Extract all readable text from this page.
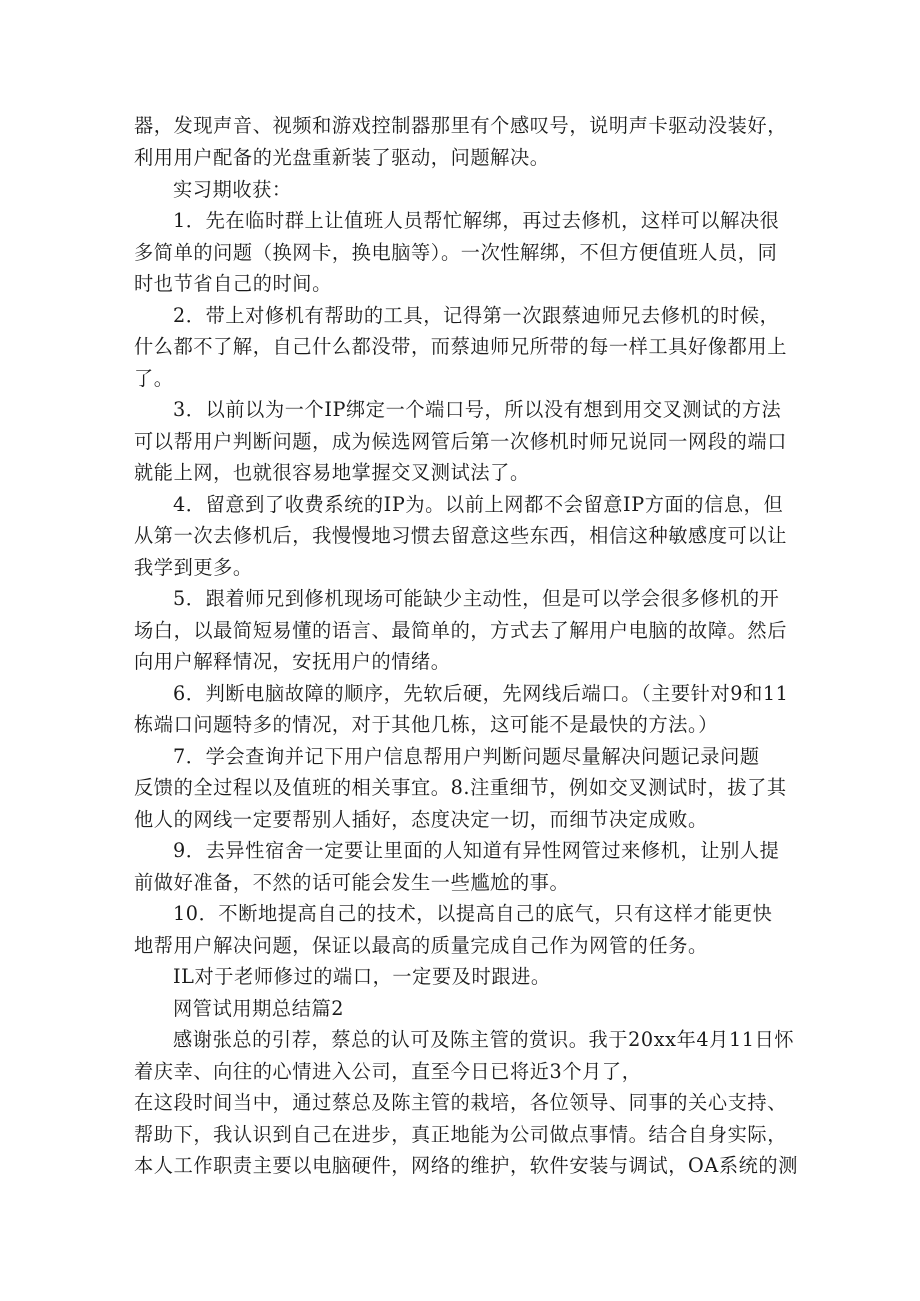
器，发现声音、视频和游戏控制器那里有个感叹号，说明声卡驱动没装好，
利用用户配备的光盘重新装了驱动，问题解决。
实习期收获：
1．先在临时群上让值班人员帮忙解绑，再过去修机，这样可以解决很
多简单的问题（换网卡，换电脑等）。一次性解绑，不但方便值班人员，同
时也节省自己的时间。
2．带上对修机有帮助的工具，记得第一次跟蔡迪师兄去修机的时候，
什么都不了解，自己什么都没带，而蔡迪师兄所带的每一样工具好像都用上
了。
3．以前以为一个IP绑定一个端口号，所以没有想到用交叉测试的方法
可以帮用户判断问题，成为候选网管后第一次修机时师兄说同一网段的端口
就能上网，也就很容易地掌握交叉测试法了。
4．留意到了收费系统的IP为。以前上网都不会留意IP方面的信息，但
从第一次去修机后，我慢慢地习惯去留意这些东西，相信这种敏感度可以让
我学到更多。
5．跟着师兄到修机现场可能缺少主动性，但是可以学会很多修机的开
场白，以最简短易懂的语言、最简单的，方式去了解用户电脑的故障。然后
向用户解释情况，安抚用户的情绪。
6．判断电脑故障的顺序，先软后硬，先网线后端口。（主要针对9和11
栋端口问题特多的情况，对于其他几栋，这可能不是最快的方法。）
7．学会查询并记下用户信息帮用户判断问题尽量解决问题记录问题
反馈的全过程以及值班的相关事宜。8.注重细节，例如交叉测试时，拔了其
他人的网线一定要帮别人插好，态度决定一切，而细节决定成败。
9．去异性宿舍一定要让里面的人知道有异性网管过来修机，让别人提
前做好准备，不然的话可能会发生一些尴尬的事。
10．不断地提高自己的技术，以提高自己的底气，只有这样才能更快
地帮用户解决问题，保证以最高的质量完成自己作为网管的任务。
IL对于老师修过的端口，一定要及时跟进。
网管试用期总结篇2
感谢张总的引荐，蔡总的认可及陈主管的赏识。我于20xx年4月11日怀
着庆幸、向往的心情进入公司，直至今日已将近3个月了，
在这段时间当中，通过蔡总及陈主管的栽培，各位领导、同事的关心支持、
帮助下，我认识到自己在进步，真正地能为公司做点事情。结合自身实际，
本人工作职责主要以电脑硬件，网络的维护，软件安装与调试，OA系统的测
